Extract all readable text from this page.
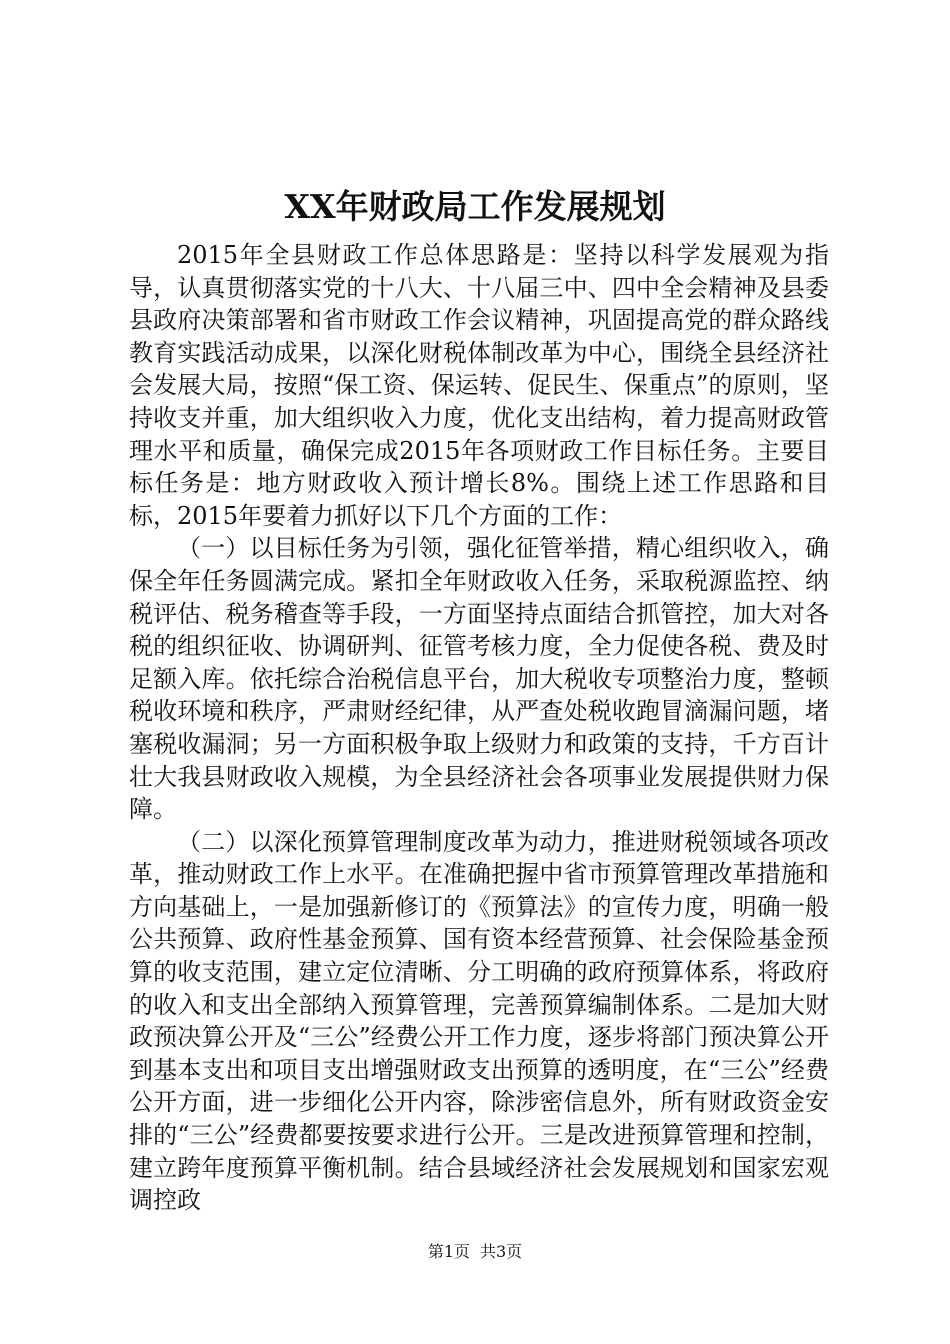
XX年财政局工作发展规划

2015年全县财政工作总体思路是：坚持以科学发展观为指导，认真贯彻落实党的十八大、十八届三中、四中全会精神及县委县政府决策部署和省市财政工作会议精神，巩固提高党的群众路线教育实践活动成果，以深化财税体制改革为中心，围绕全县经济社会发展大局，按照“保工资、保运转、促民生、保重点”的原则，坚持收支并重，加大组织收入力度，优化支出结构，着力提高财政管理水平和质量，确保完成2015年各项财政工作目标任务。主要目标任务是：地方财政收入预计增长8%。围绕上述工作思路和目标，2015年要着力抓好以下几个方面的工作：

（一）以目标任务为引领，强化征管举措，精心组织收入，确保全年任务圆满完成。紧扣全年财政收入任务，采取税源监控、纳税评估、税务稽查等手段，一方面坚持点面结合抓管控，加大对各税的组织征收、协调研判、征管考核力度，全力促使各税、费及时足额入库。依托综合治税信息平台，加大税收专项整治力度，整顿税收环境和秩序，严肃财经纪律，从严查处税收跑冒滴漏问题，堵塞税收漏洞；另一方面积极争取上级财力和政策的支持，千方百计壮大我县财政收入规模，为全县经济社会各项事业发展提供财力保障。

（二）以深化预算管理制度改革为动力，推进财税领域各项改革，推动财政工作上水平。在准确把握中省市预算管理改革措施和方向基础上，一是加强新修订的《预算法》的宣传力度，明确一般公共预算、政府性基金预算、国有资本经营预算、社会保险基金预算的收支范围，建立定位清晰、分工明确的政府预算体系，将政府的收入和支出全部纳入预算管理，完善预算编制体系。二是加大财政预决算公开及“三公”经费公开工作力度，逐步将部门预决算公开到基本支出和项目支出增强财政支出预算的透明度，在“三公”经费公开方面，进一步细化公开内容，除涉密信息外，所有财政资金安排的“三公”经费都要按要求进行公开。三是改进预算管理和控制，建立跨年度预算平衡机制。结合县域经济社会发展规划和国家宏观调控政

第1页 共3页
